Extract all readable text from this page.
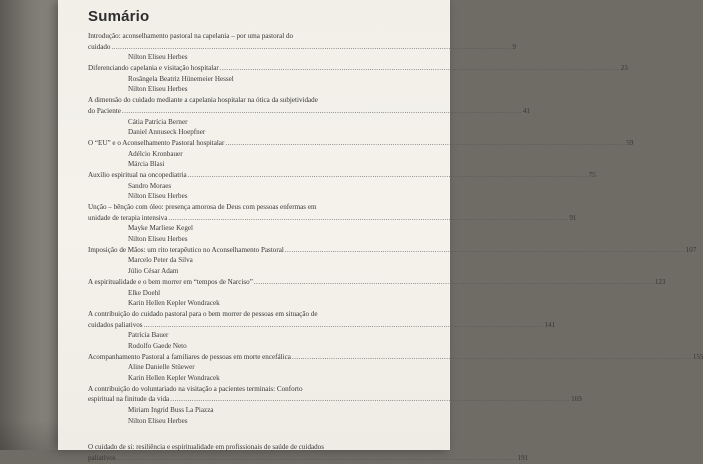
Sumário
Introdução: aconselhamento pastoral na capelania – por uma pastoral do
cuidado .....	9
Nilton Eliseu Herbes
Diferenciando capelania e visitação hospitalar .....	23
Rosângela Beatriz Hünemeier Hessel
Nilton Eliseu Herbes
A dimensão do cuidado mediante a capelania hospitalar na ótica da subjetividade
do Paciente .....	41
Cátia Patrícia Berner
Daniel Annuseck Hoepfner
O “EU” e o Aconselhamento Pastoral hospitalar .....	59
Adélcio Kronbauer
Márcia Blasi
Auxílio espiritual na oncopediatria .....	75
Sandro Moraes
Nilton Eliseu Herbes
Unção – bênção com óleo: presença amorosa de Deus com pessoas enfermas em
unidade de terapia intensiva .....	91
Mayke Marliese Kegel
Nilton Eliseu Herbes
Imposição de Mãos: um rito terapêutico no Aconselhamento Pastoral .....	107
Marcelo Peter da Silva
Júlio César Adam
A espiritualidade e o bem morrer em “tempos de Narciso” .....	123
Elke Doehl
Karin Hellen Kepler Wondracek
A contribuição do cuidado pastoral para o bem morrer de pessoas em situação de
cuidados paliativos .....	141
Patrícia Bauer
Rodolfo Gaede Neto
Acompanhamento Pastoral a familiares de pessoas em morte encefálica .....	155
Aline Danielle Stüewer
Karin Hellen Kepler Wondracek
A contribuição do voluntariado na visitação a pacientes terminais: Conforto
espiritual na finitude da vida .....	169
Miriam Ingrid Buss La Piazza
Nilton Eliseu Herbes
O cuidado de si: resiliência e espiritualidade em profissionais de saúde de cuidados
paliativos .....	191
